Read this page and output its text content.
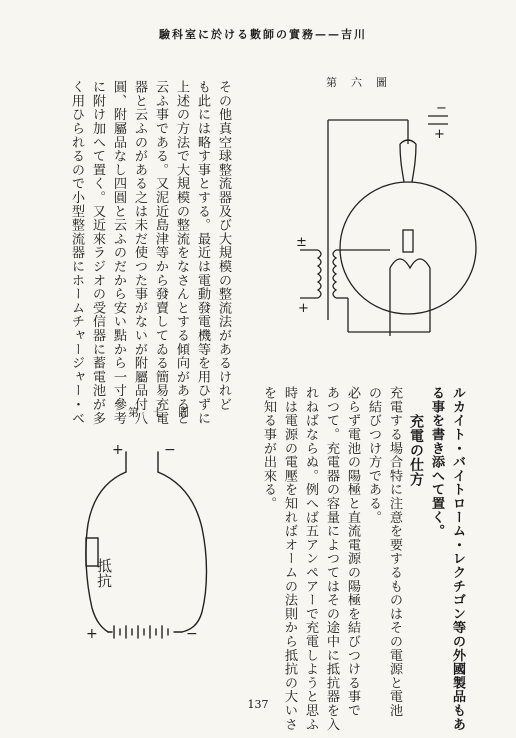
驗科室に於ける數師の實務——吉川
その他真空球整流器及び大規模の整流法があるけれど
も此には略す事とする。最近は電動發電機等を用ひずに
上述の方法で大規模の整流をなさんとする傾向があると
云ふ事である。又泥近島津等から發賣してゐる簡易充電
器と云ふのがある之は未だ使つた事がないが附屬品付八
圓、附屬品なし四圓と云ふのだから安い點から一寸參考
に附け加へて置く。又近來ラジオの受信器に蓄電池が多
く用ひられるので小型整流器にホームチャージャー・ベ
ルカイト・バイトローム・レクチゴン等の外國製品もあ
る事を書き添へて置く。
充電の仕方
充電する場合特に注意を要するものはその電源と電池
の結びつけ方である。
必らず電池の陽極と直流電源の陽極を結びつける事で
あつて。充電器の容量によつてはその途中に抵抗器を入
れねばならぬ。例へば五アンペアーで充電しようと思ふ
時は電源の電壓を知ればオームの法則から抵抗の大いさ
を知る事が出來る。
第六圖
−
+
±
+
第七圖
+	−
+	−
抵抗
137
